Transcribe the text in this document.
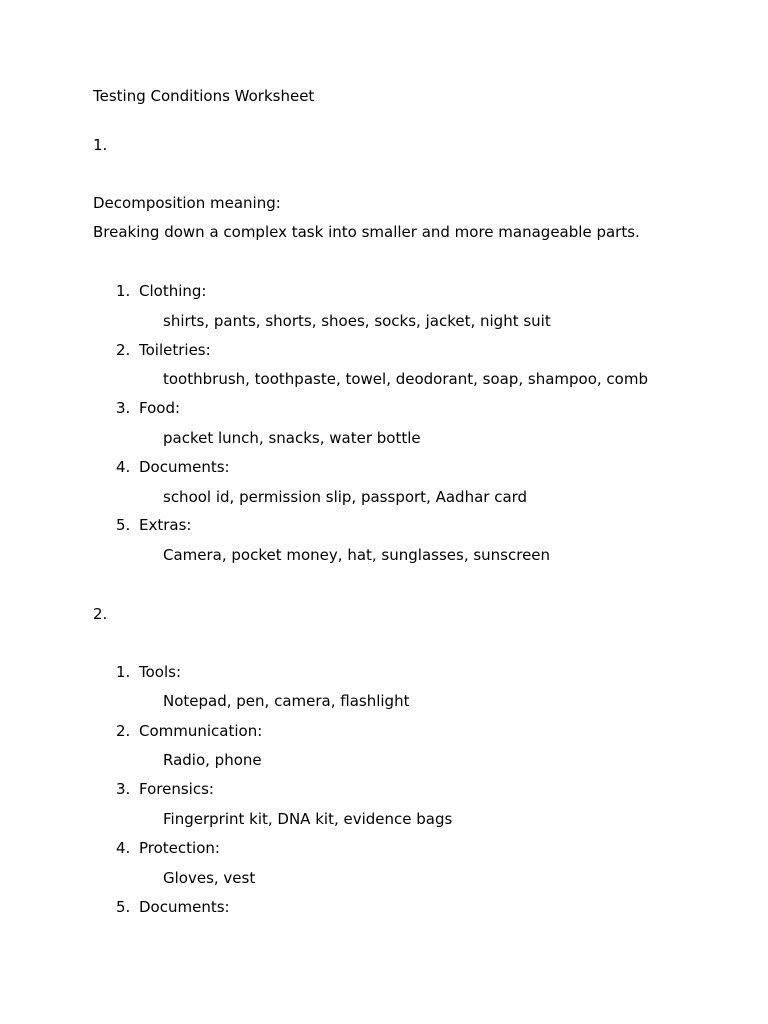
Testing Conditions Worksheet
1.
Decomposition meaning:
Breaking down a complex task into smaller and more manageable parts.
1. Clothing:
shirts, pants, shorts, shoes, socks, jacket, night suit
2. Toiletries:
toothbrush, toothpaste, towel, deodorant, soap, shampoo, comb
3. Food:
packet lunch, snacks, water bottle
4. Documents:
school id, permission slip, passport, Aadhar card
5. Extras:
Camera, pocket money, hat, sunglasses, sunscreen
2.
1. Tools:
Notepad, pen, camera, flashlight
2. Communication:
Radio, phone
3. Forensics:
Fingerprint kit, DNA kit, evidence bags
4. Protection:
Gloves, vest
5. Documents:
